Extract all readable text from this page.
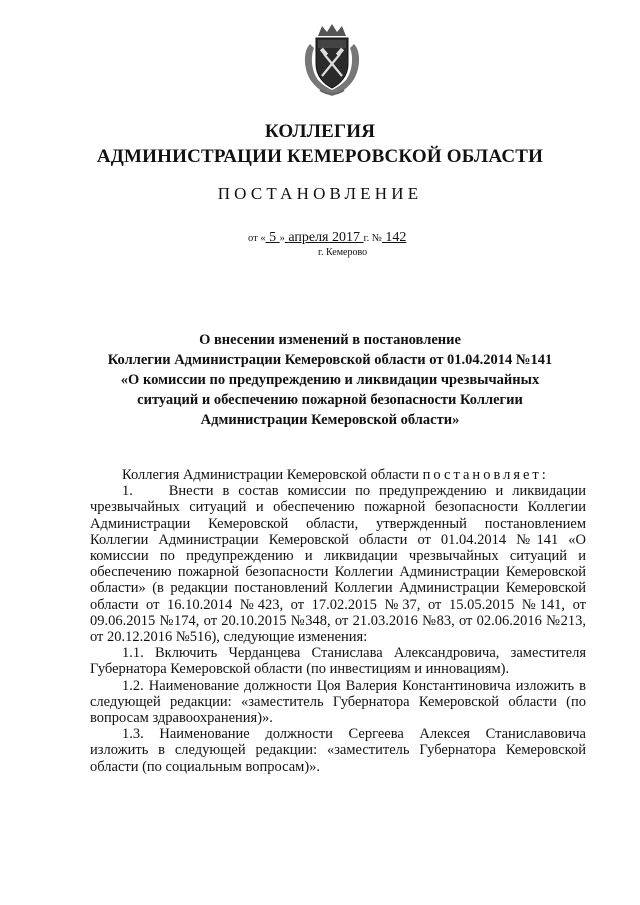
КОЛЛЕГИЯ
АДМИНИСТРАЦИИ КЕМЕРОВСКОЙ ОБЛАСТИ
ПОСТАНОВЛЕНИЕ
от « 5 » апреля 2017 г. № 142
г. Кемерово
О внесении изменений в постановление
Коллегии Администрации Кемеровской области от 01.04.2014 №141
«О комиссии по предупреждению и ликвидации чрезвычайных
ситуаций и обеспечению пожарной безопасности Коллегии
Администрации Кемеровской области»

Коллегия Администрации Кемеровской области постановляет:

1.    Внести в состав комиссии по предупреждению и ликвидации чрезвычайных ситуаций и обеспечению пожарной безопасности Коллегии Администрации Кемеровской области, утвержденный постановлением Коллегии Администрации Кемеровской области от 01.04.2014 №141 «О комиссии по предупреждению и ликвидации чрезвычайных ситуаций и обеспечению пожарной безопасности Коллегии Администрации Кемеровской области» (в редакции постановлений Коллегии Администрации Кемеровской области от 16.10.2014 №423, от 17.02.2015 №37, от 15.05.2015 №141, от 09.06.2015 №174, от 20.10.2015 №348, от 21.03.2016 №83, от 02.06.2016 №213, от 20.12.2016 №516), следующие изменения:

1.1. Включить Черданцева Станислава Александровича, заместителя Губернатора Кемеровской области (по инвестициям и инновациям).

1.2. Наименование должности Цоя Валерия Константиновича изложить в следующей редакции: «заместитель Губернатора Кемеровской области (по вопросам здравоохранения)».

1.3. Наименование должности Сергеева Алексея Станиславовича изложить в следующей редакции: «заместитель Губернатора Кемеровской области (по социальным вопросам)».
